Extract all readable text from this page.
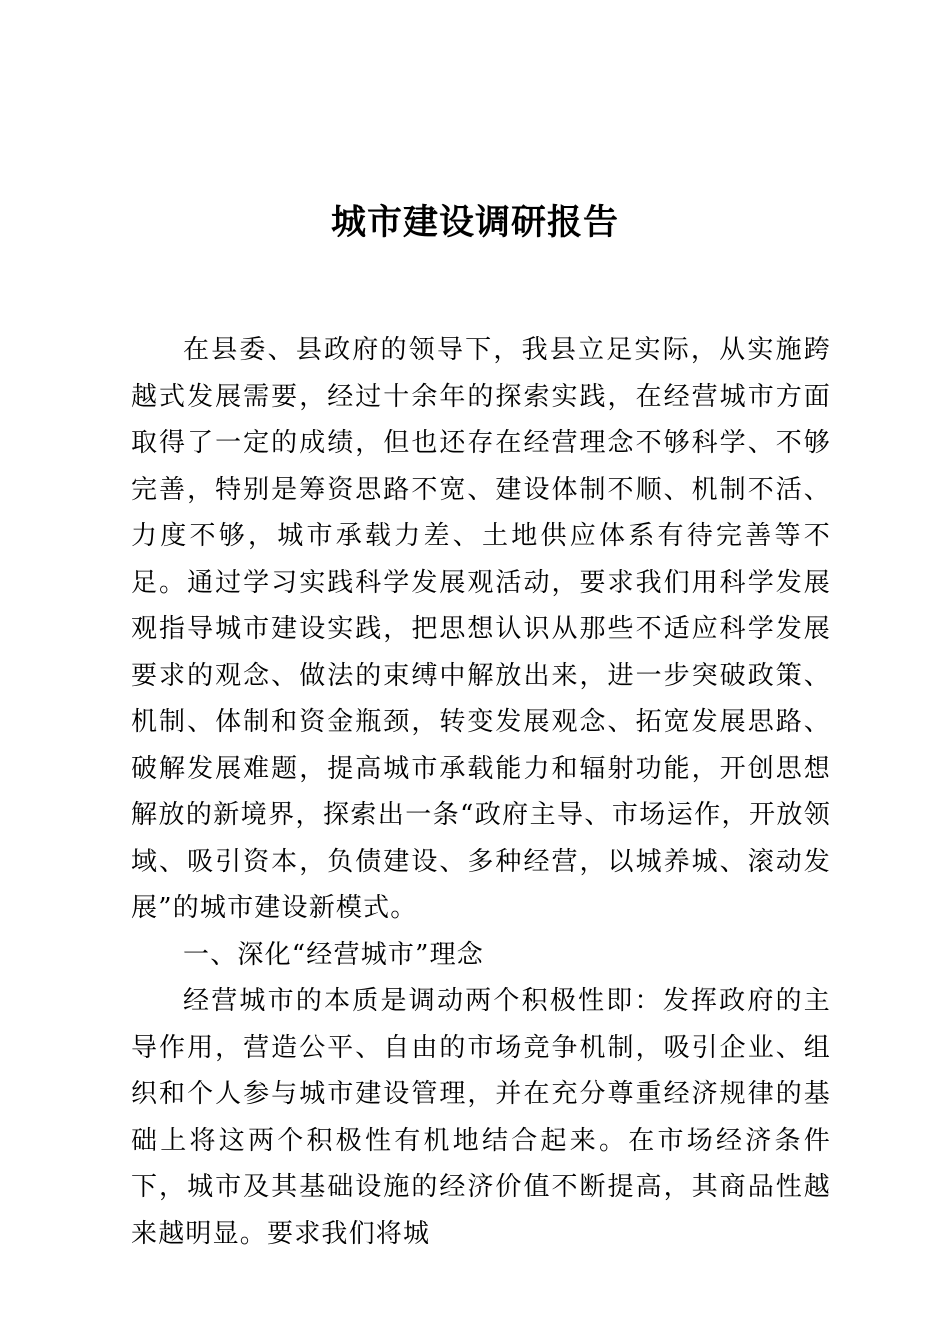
城市建设调研报告

在县委、县政府的领导下，我县立足实际，从实施跨越式发展需要，经过十余年的探索实践，在经营城市方面取得了一定的成绩，但也还存在经营理念不够科学、不够完善，特别是筹资思路不宽、建设体制不顺、机制不活、力度不够，城市承载力差、土地供应体系有待完善等不足。通过学习实践科学发展观活动，要求我们用科学发展观指导城市建设实践，把思想认识从那些不适应科学发展要求的观念、做法的束缚中解放出来，进一步突破政策、机制、体制和资金瓶颈，转变发展观念、拓宽发展思路、破解发展难题，提高城市承载能力和辐射功能，开创思想解放的新境界，探索出一条“政府主导、市场运作，开放领域、吸引资本，负债建设、多种经营，以城养城、滚动发展”的城市建设新模式。

一、深化“经营城市”理念

经营城市的本质是调动两个积极性即：发挥政府的主导作用，营造公平、自由的市场竞争机制，吸引企业、组织和个人参与城市建设管理，并在充分尊重经济规律的基础上将这两个积极性有机地结合起来。在市场经济条件下，城市及其基础设施的经济价值不断提高，其商品性越来越明显。要求我们将城
